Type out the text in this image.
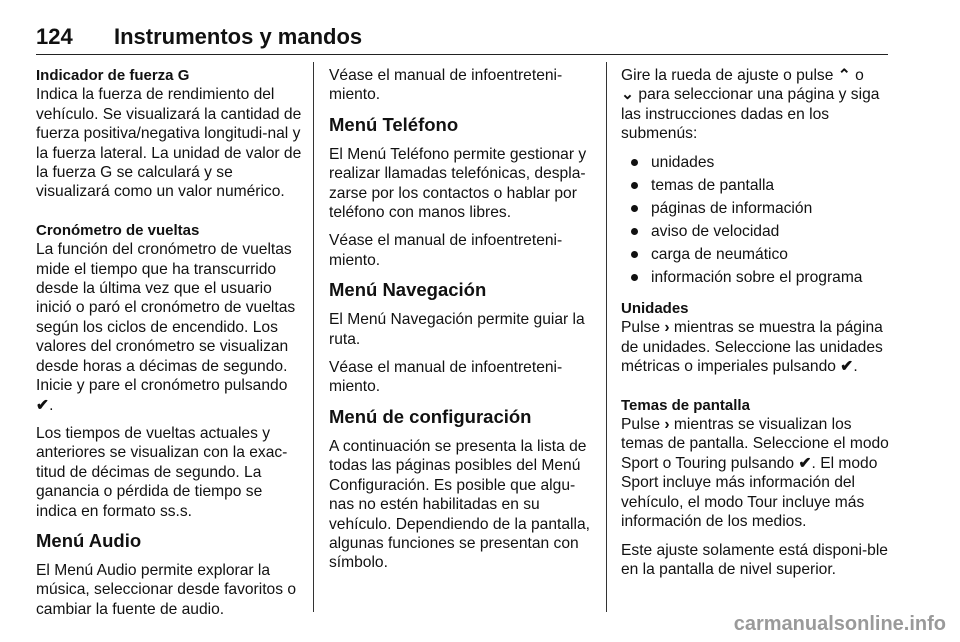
124 Instrumentos y mandos
Indicador de fuerza G
Indica la fuerza de rendimiento del vehículo. Se visualizará la cantidad de fuerza positiva/negativa longitudi-nal y la fuerza lateral. La unidad de valor de la fuerza G se calculará y se visualizará como un valor numérico.
Cronómetro de vueltas
La función del cronómetro de vueltas mide el tiempo que ha transcurrido desde la última vez que el usuario inició o paró el cronómetro de vueltas según los ciclos de encendido. Los valores del cronómetro se visualizan desde horas a décimas de segundo. Inicie y pare el cronómetro pulsando ✔.
Los tiempos de vueltas actuales y anteriores se visualizan con la exac-titud de décimas de segundo. La ganancia o pérdida de tiempo se indica en formato ss.s.
Menú Audio
El Menú Audio permite explorar la música, seleccionar desde favoritos o cambiar la fuente de audio.
Véase el manual de infoentreteni-miento.
Menú Teléfono
El Menú Teléfono permite gestionar y realizar llamadas telefónicas, despla-zarse por los contactos o hablar por teléfono con manos libres.
Véase el manual de infoentreteni-miento.
Menú Navegación
El Menú Navegación permite guiar la ruta.
Véase el manual de infoentreteni-miento.
Menú de configuración
A continuación se presenta la lista de todas las páginas posibles del Menú Configuración. Es posible que algu-nas no estén habilitadas en su vehículo. Dependiendo de la pantalla, algunas funciones se presentan con símbolo.
Gire la rueda de ajuste o pulse ⌃ o
⌄ para seleccionar una página y siga las instrucciones dadas en los submenús:
unidades
temas de pantalla
páginas de información
aviso de velocidad
carga de neumático
información sobre el programa
Unidades
Pulse › mientras se muestra la página de unidades. Seleccione las unidades métricas o imperiales pulsando ✔.
Temas de pantalla
Pulse › mientras se visualizan los temas de pantalla. Seleccione el modo Sport o Touring pulsando ✔. El modo Sport incluye más información del vehículo, el modo Tour incluye más información de los medios.
Este ajuste solamente está disponi-ble en la pantalla de nivel superior.
carmanualsonline.info
